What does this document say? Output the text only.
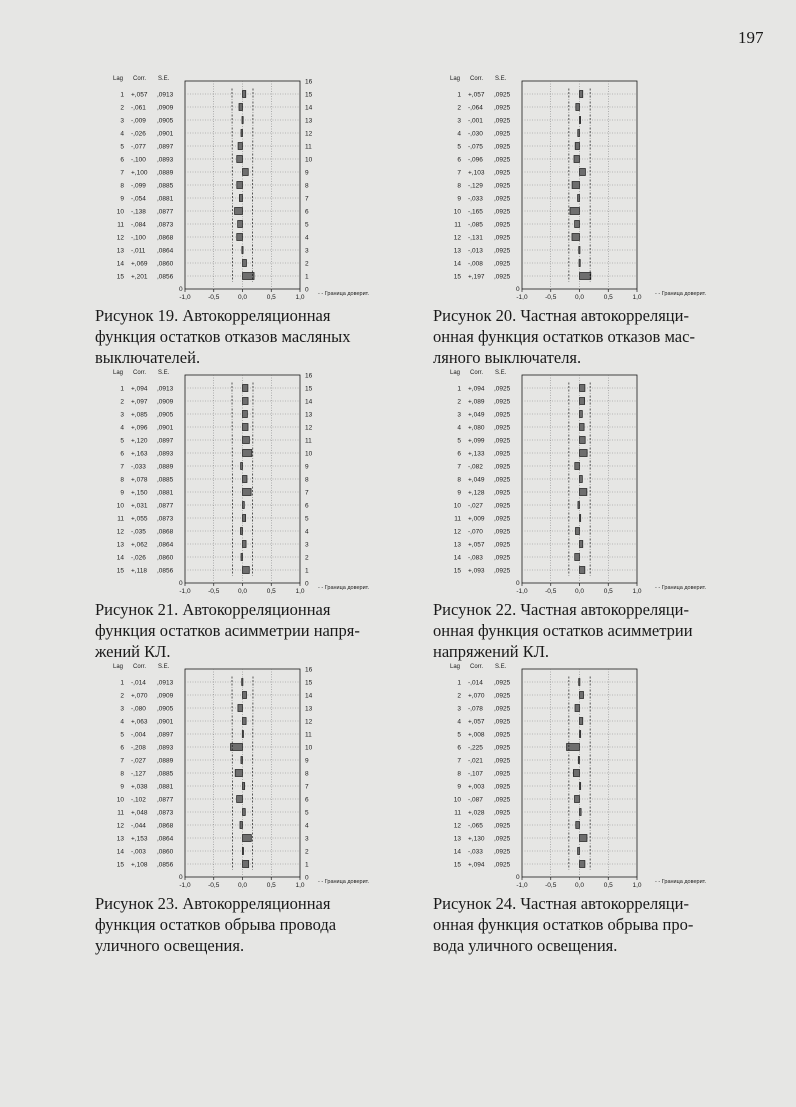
197
Lag Corr. S.E.
1 +,057 ,0913
2 -,061 ,0909
3 -,009 ,0905
4 -,026 ,0901
5 -,077 ,0897
6 -,100 ,0893
7 +,100 ,0889
8 -,099 ,0885
9 -,054 ,0881
10 -,138 ,0877
11 -,084 ,0873
12 -,100 ,0868
13 -,011 ,0864
14 +,069 ,0860
15 +,201 ,0856
16
15
14
13
12
11
10
9
8
7
6
5
4
3
2
1
0
0
-1,0	-0,5	0,0	0,5	1,0 - - Граница доверит.
Lag Corr. S.E.
1 +,057 ,0925
2 -,064 ,0925
3 -,001 ,0925
4 -,030 ,0925
5 -,075 ,0925
6 -,096 ,0925
7 +,103 ,0925
8 -,129 ,0925
9 -,033 ,0925
10 -,165 ,0925
11 -,085 ,0925
12 -,131 ,0925
13 -,013 ,0925
14 -,008 ,0925
15 +,197 ,0925
0
-1,0	-0,5	0,0	0,5	1,0 - - Граница доверит.
Lag Corr. S.E.
1 +,094 ,0913
2 +,097 ,0909
3 +,085 ,0905
4 +,096 ,0901
5 +,120 ,0897
6 +,163 ,0893
7 -,033 ,0889
8 +,078 ,0885
9 +,150 ,0881
10 +,031 ,0877
11 +,055 ,0873
12 -,035 ,0868
13 +,062 ,0864
14 -,026 ,0860
15 +,118 ,0856
16
15
14
13
12
11
10
9
8
7
6
5
4
3
2
1
0
0
-1,0	-0,5	0,0	0,5	1,0 - - Граница доверит.
Lag Corr. S.E.
1 +,094 ,0925
2 +,089 ,0925
3 +,049 ,0925
4 +,080 ,0925
5 +,099 ,0925
6 +,133 ,0925
7 -,082 ,0925
8 +,049 ,0925
9 +,128 ,0925
10 -,027 ,0925
11 +,009 ,0925
12 -,070 ,0925
13 +,057 ,0925
14 -,083 ,0925
15 +,093 ,0925
0
-1,0	-0,5	0,0	0,5	1,0 - - Граница доверит.
Lag Corr. S.E.
1 -,014 ,0913
2 +,070 ,0909
3 -,080 ,0905
4 +,063 ,0901
5 -,004 ,0897
6 -,208 ,0893
7 -,027 ,0889
8 -,127 ,0885
9 +,038 ,0881
10 -,102 ,0877
11 +,048 ,0873
12 -,044 ,0868
13 +,153 ,0864
14 -,003 ,0860
15 +,108 ,0856
16
15
14
13
12
11
10
9
8
7
6
5
4
3
2
1
0
0
-1,0	-0,5	0,0	0,5	1,0 - - Граница доверит.
Lag Corr. S.E.
1 -,014 ,0925
2 +,070 ,0925
3 -,078 ,0925
4 +,057 ,0925
5 +,008 ,0925
6 -,225 ,0925
7 -,021 ,0925
8 -,107 ,0925
9 +,003 ,0925
10 -,087 ,0925
11 +,028 ,0925
12 -,065 ,0925
13 +,130 ,0925
14 -,033 ,0925
15 +,094 ,0925
0
-1,0	-0,5	0,0	0,5	1,0 - - Граница доверит.
Рисунок 19. Автокорреляционная
функция остатков отказов масляных
выключателей.
Рисунок 20. Частная автокорреляци-
онная функция остатков отказов мас-
ляного выключателя.
Рисунок 21. Автокорреляционная
функция остатков асимметрии напря-
жений КЛ.
Рисунок 22. Частная автокорреляци-
онная функция остатков асимметрии
напряжений КЛ.
Рисунок 23. Автокорреляционная
функция остатков обрыва провода
уличного освещения.
Рисунок 24. Частная автокорреляци-
онная функция остатков обрыва про-
вода уличного освещения.
